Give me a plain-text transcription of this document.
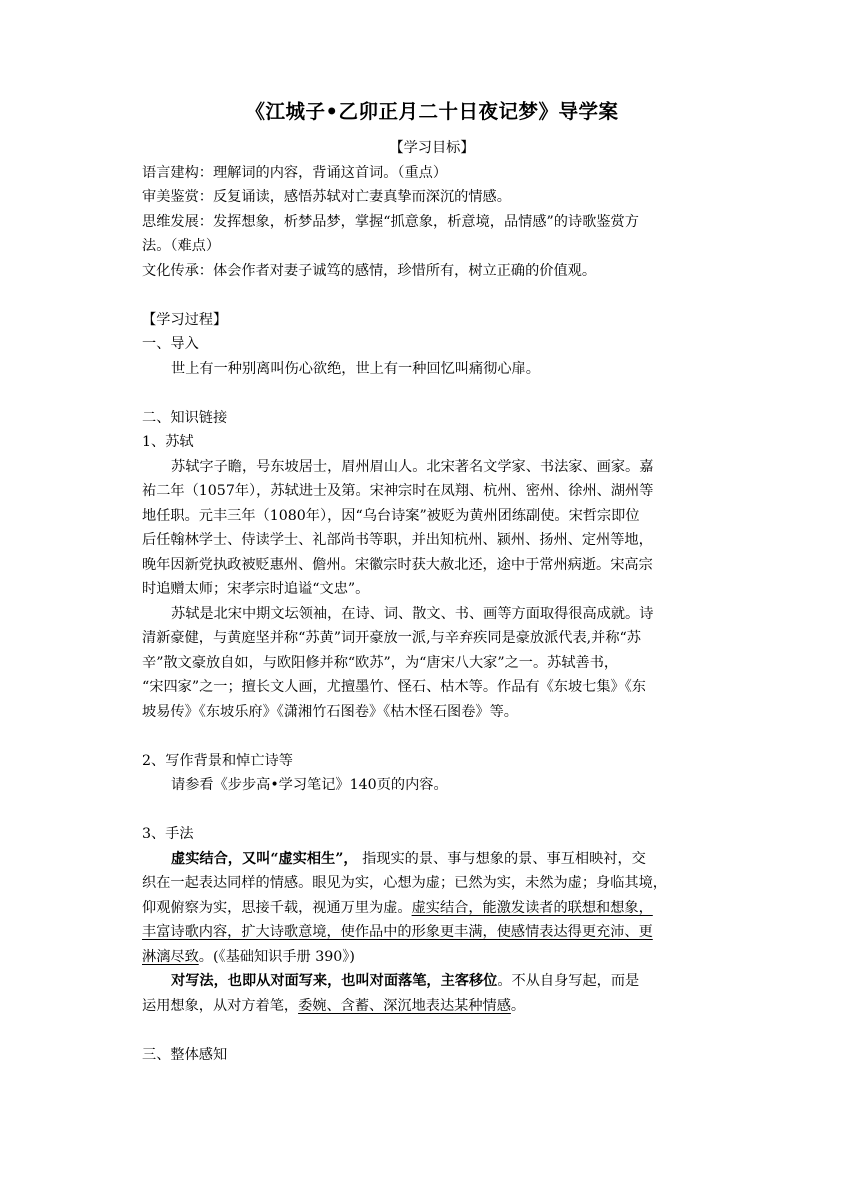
《江城子•乙卯正月二十日夜记梦》导学案

【学习目标】

语言建构：理解词的内容，背诵这首词。（重点）

审美鉴赏：反复诵读，感悟苏轼对亡妻真挚而深沉的情感。

思维发展：发挥想象，析梦品梦，掌握“抓意象，析意境，品情感”的诗歌鉴赏方

法。（难点）

文化传承：体会作者对妻子诚笃的感情，珍惜所有，树立正确的价值观。

【学习过程】

一、导入

世上有一种别离叫伤心欲绝，世上有一种回忆叫痛彻心扉。

二、知识链接

1、苏轼

苏轼字子瞻，号东坡居士，眉州眉山人。北宋著名文学家、书法家、画家。嘉

祐二年（1057年），苏轼进士及第。宋神宗时在凤翔、杭州、密州、徐州、湖州等

地任职。元丰三年（1080年），因“乌台诗案”被贬为黄州团练副使。宋哲宗即位

后任翰林学士、侍读学士、礼部尚书等职，并出知杭州、颍州、扬州、定州等地，

晚年因新党执政被贬惠州、儋州。宋徽宗时获大赦北还，途中于常州病逝。宋高宗

时追赠太师；宋孝宗时追谥“文忠”。

苏轼是北宋中期文坛领袖，在诗、词、散文、书、画等方面取得很高成就。诗

清新豪健，与黄庭坚并称“苏黄”词开豪放一派,与辛弃疾同是豪放派代表,并称“苏

辛”散文豪放自如，与欧阳修并称“欧苏”，为“唐宋八大家”之一。苏轼善书，

“宋四家”之一；擅长文人画，尤擅墨竹、怪石、枯木等。作品有《东坡七集》《东

坡易传》《东坡乐府》《潇湘竹石图卷》《枯木怪石图卷》等。

2、写作背景和悼亡诗等

请参看《步步高•学习笔记》140页的内容。

3、手法

虚实结合，又叫“虚实相生”， 指现实的景、事与想象的景、事互相映衬，交

织在一起表达同样的情感。眼见为实，心想为虚；已然为实，未然为虚；身临其境，

仰观俯察为实，思接千载，视通万里为虚。虚实结合，能激发读者的联想和想象，

丰富诗歌内容，扩大诗歌意境，使作品中的形象更丰满，使感情表达得更充沛、更

淋漓尽致。(《基础知识手册 390》)

对写法，也即从对面写来，也叫对面落笔，主客移位。不从自身写起，而是

运用想象，从对方着笔，委婉、含蓄、深沉地表达某种情感。

三、整体感知
